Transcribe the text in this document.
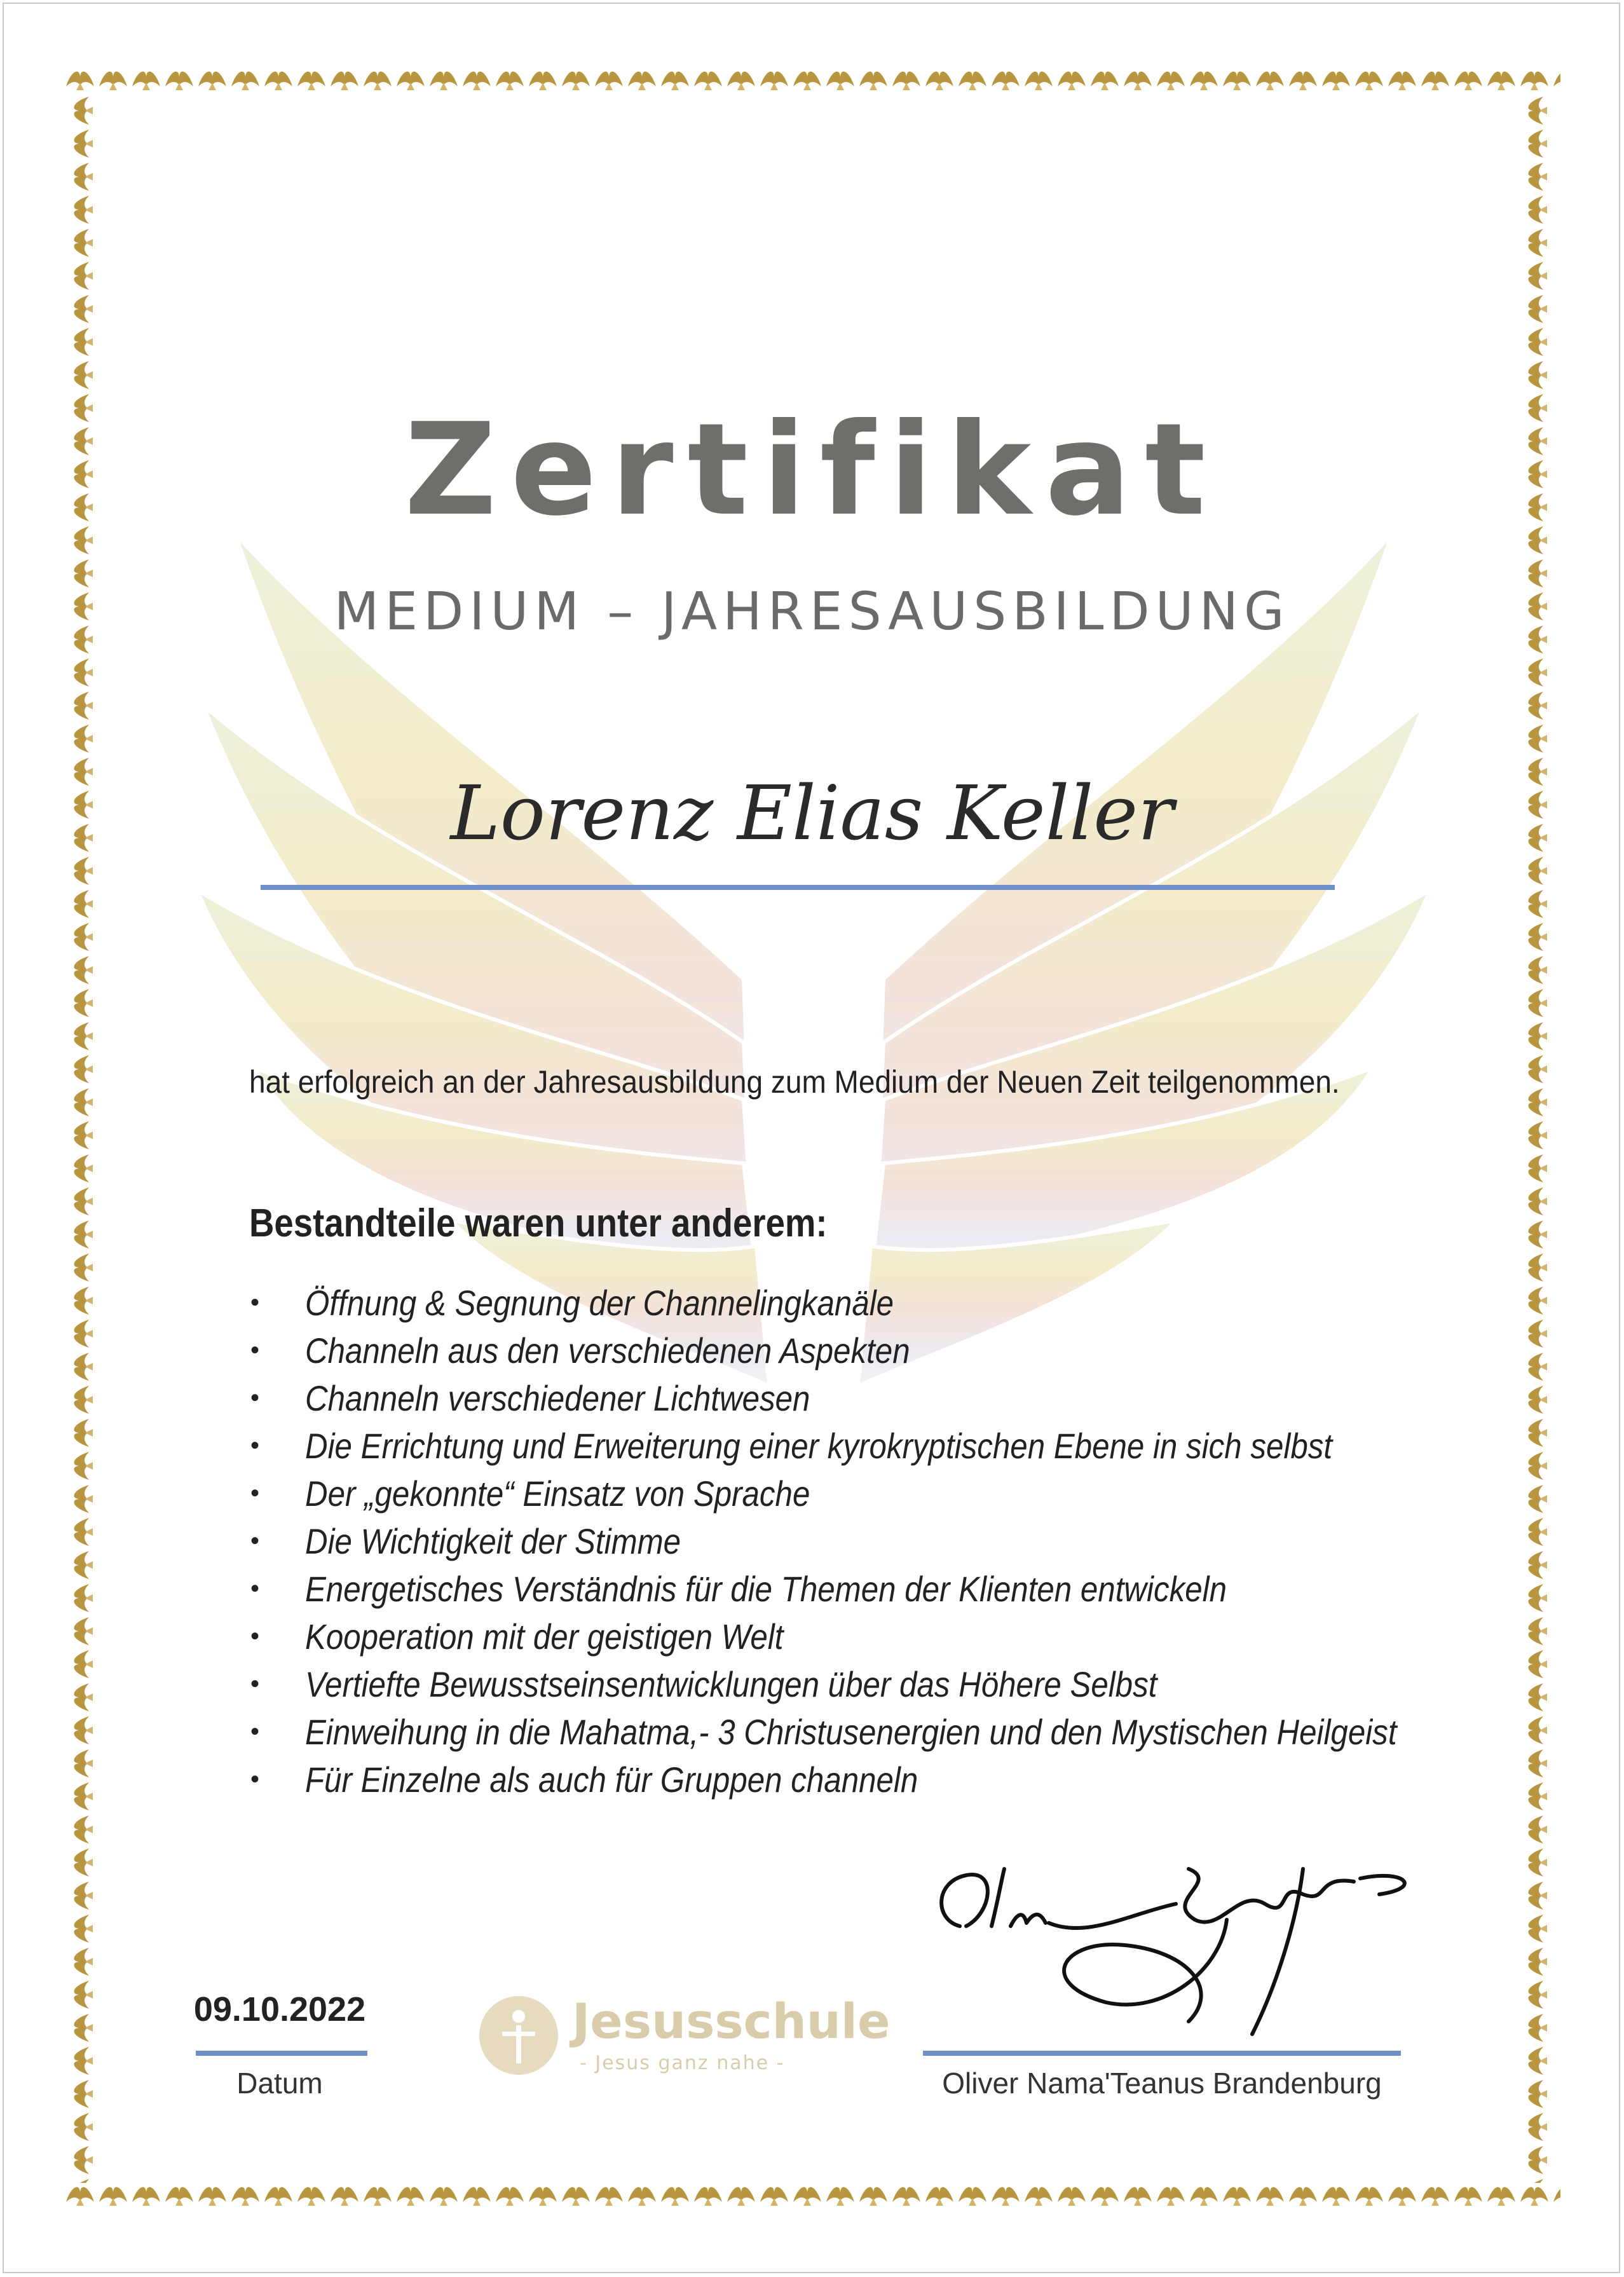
Zertifikat
MEDIUM – JAHRESAUSBILDUNG
Lorenz Elias Keller
hat erfolgreich an der Jahresausbildung zum Medium der Neuen Zeit teilgenommen.
Bestandteile waren unter anderem:
• Öffnung & Segnung der Channelingkanäle
• Channeln aus den verschiedenen Aspekten
• Channeln verschiedener Lichtwesen
• Die Errichtung und Erweiterung einer kyrokryptischen Ebene in sich selbst
• Der „gekonnte“ Einsatz von Sprache
• Die Wichtigkeit der Stimme
• Energetisches Verständnis für die Themen der Klienten entwickeln
• Kooperation mit der geistigen Welt
• Vertiefte Bewusstseinsentwicklungen über das Höhere Selbst
• Einweihung in die Mahatma,- 3 Christusenergien und den Mystischen Heilgeist
• Für Einzelne als auch für Gruppen channeln
09.10.2022
Datum
Jesusschule
- Jesus ganz nahe -
Oliver Nama'Teanus Brandenburg
